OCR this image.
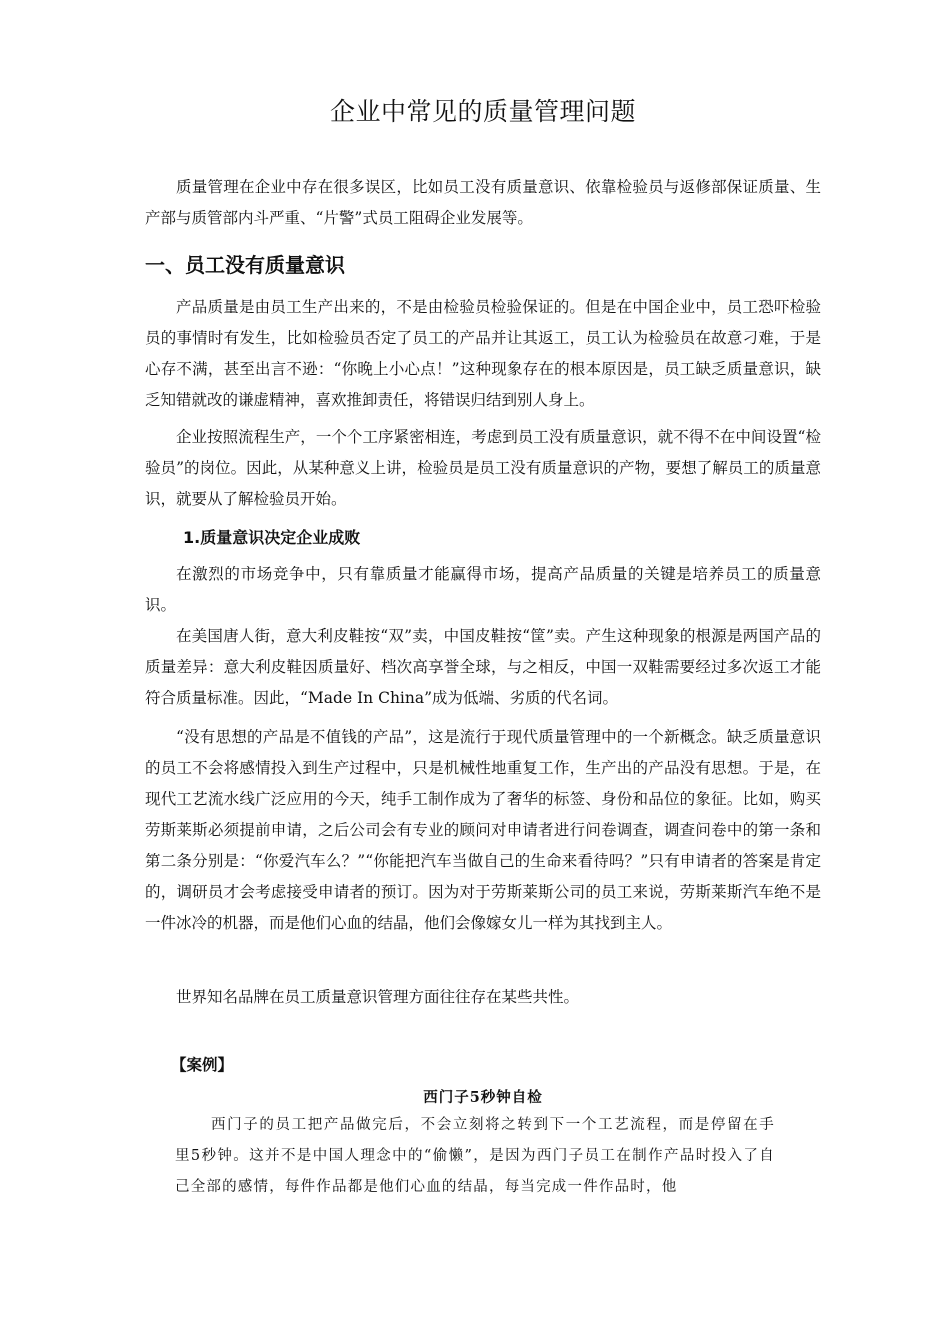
企业中常见的质量管理问题

质量管理在企业中存在很多误区，比如员工没有质量意识、依靠检验员与返修部保证质量、生产部与质管部内斗严重、“片警”式员工阻碍企业发展等。

一、员工没有质量意识

产品质量是由员工生产出来的，不是由检验员检验保证的。但是在中国企业中，员工恐吓检验员的事情时有发生，比如检验员否定了员工的产品并让其返工，员工认为检验员在故意刁难，于是心存不满，甚至出言不逊：“你晚上小心点！”这种现象存在的根本原因是，员工缺乏质量意识，缺乏知错就改的谦虚精神，喜欢推卸责任，将错误归结到别人身上。

企业按照流程生产，一个个工序紧密相连，考虑到员工没有质量意识，就不得不在中间设置“检验员”的岗位。因此，从某种意义上讲，检验员是员工没有质量意识的产物，要想了解员工的质量意识，就要从了解检验员开始。

1.质量意识决定企业成败

在激烈的市场竞争中，只有靠质量才能赢得市场，提高产品质量的关键是培养员工的质量意识。

在美国唐人街，意大利皮鞋按“双”卖，中国皮鞋按“筐”卖。产生这种现象的根源是两国产品的质量差异：意大利皮鞋因质量好、档次高享誉全球，与之相反，中国一双鞋需要经过多次返工才能符合质量标准。因此，“Made In China”成为低端、劣质的代名词。

“没有思想的产品是不值钱的产品”，这是流行于现代质量管理中的一个新概念。缺乏质量意识的员工不会将感情投入到生产过程中，只是机械性地重复工作，生产出的产品没有思想。于是，在现代工艺流水线广泛应用的今天，纯手工制作成为了奢华的标签、身份和品位的象征。比如，购买劳斯莱斯必须提前申请，之后公司会有专业的顾问对申请者进行问卷调查，调查问卷中的第一条和第二条分别是：“你爱汽车么？”“你能把汽车当做自己的生命来看待吗？”只有申请者的答案是肯定的，调研员才会考虑接受申请者的预订。因为对于劳斯莱斯公司的员工来说，劳斯莱斯汽车绝不是一件冰冷的机器，而是他们心血的结晶，他们会像嫁女儿一样为其找到主人。

世界知名品牌在员工质量意识管理方面往往存在某些共性。

【案例】

西门子5秒钟自检

西门子的员工把产品做完后，不会立刻将之转到下一个工艺流程，而是停留在手里5秒钟。这并不是中国人理念中的“偷懒”，是因为西门子员工在制作产品时投入了自己全部的感情，每件作品都是他们心血的结晶，每当完成一件作品时，他
